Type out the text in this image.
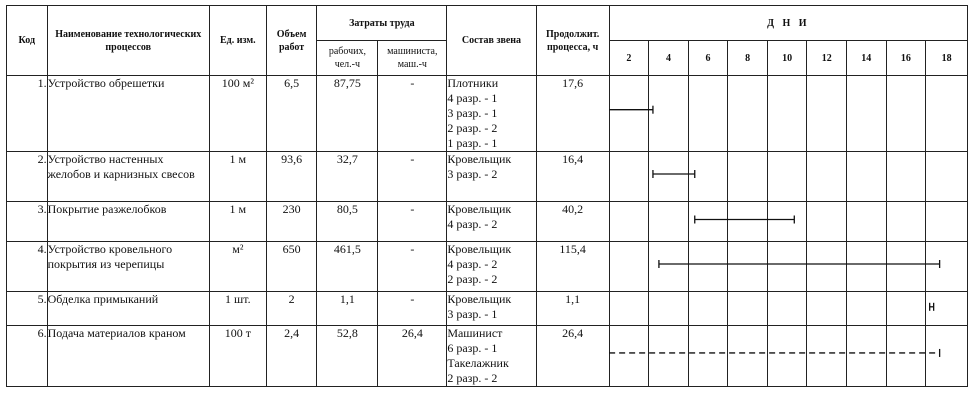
Код	Наименование технологических процессов	Ед. изм.	Объем работ	Затраты труда		Состав звена	Продолжит. процесса, ч	Д Н И								
				рабочих, чел.-ч	машиниста, маш.-ч			2	4	6	8	10	12	14	16	18
1.	Устройство обрешетки	100 м²	6,5	87,75	-	Плотники
4 разр. - 1
3 разр. - 1
2 разр. - 2
1 разр. - 1	17,6									
2.	Устройство настенных желобов и карнизных свесов	1 м	93,6	32,7	-	Кровельщик
3 разр. - 2	16,4									
3.	Покрытие разжелобков	1 м	230	80,5	-	Кровельщик
4 разр. - 2	40,2									
4.	Устройство кровельного покрытия из черепицы	м²	650	461,5	-	Кровельщик
4 разр. - 2
2 разр. - 2	115,4									
5.	Обделка примыканий	1 шт.	2	1,1	-	Кровельщик
3 разр. - 1	1,1									
6.	Подача материалов краном	100 т	2,4	52,8	26,4	Машинист
6 разр. - 1
Такелажник
2 разр. - 2	26,4									
